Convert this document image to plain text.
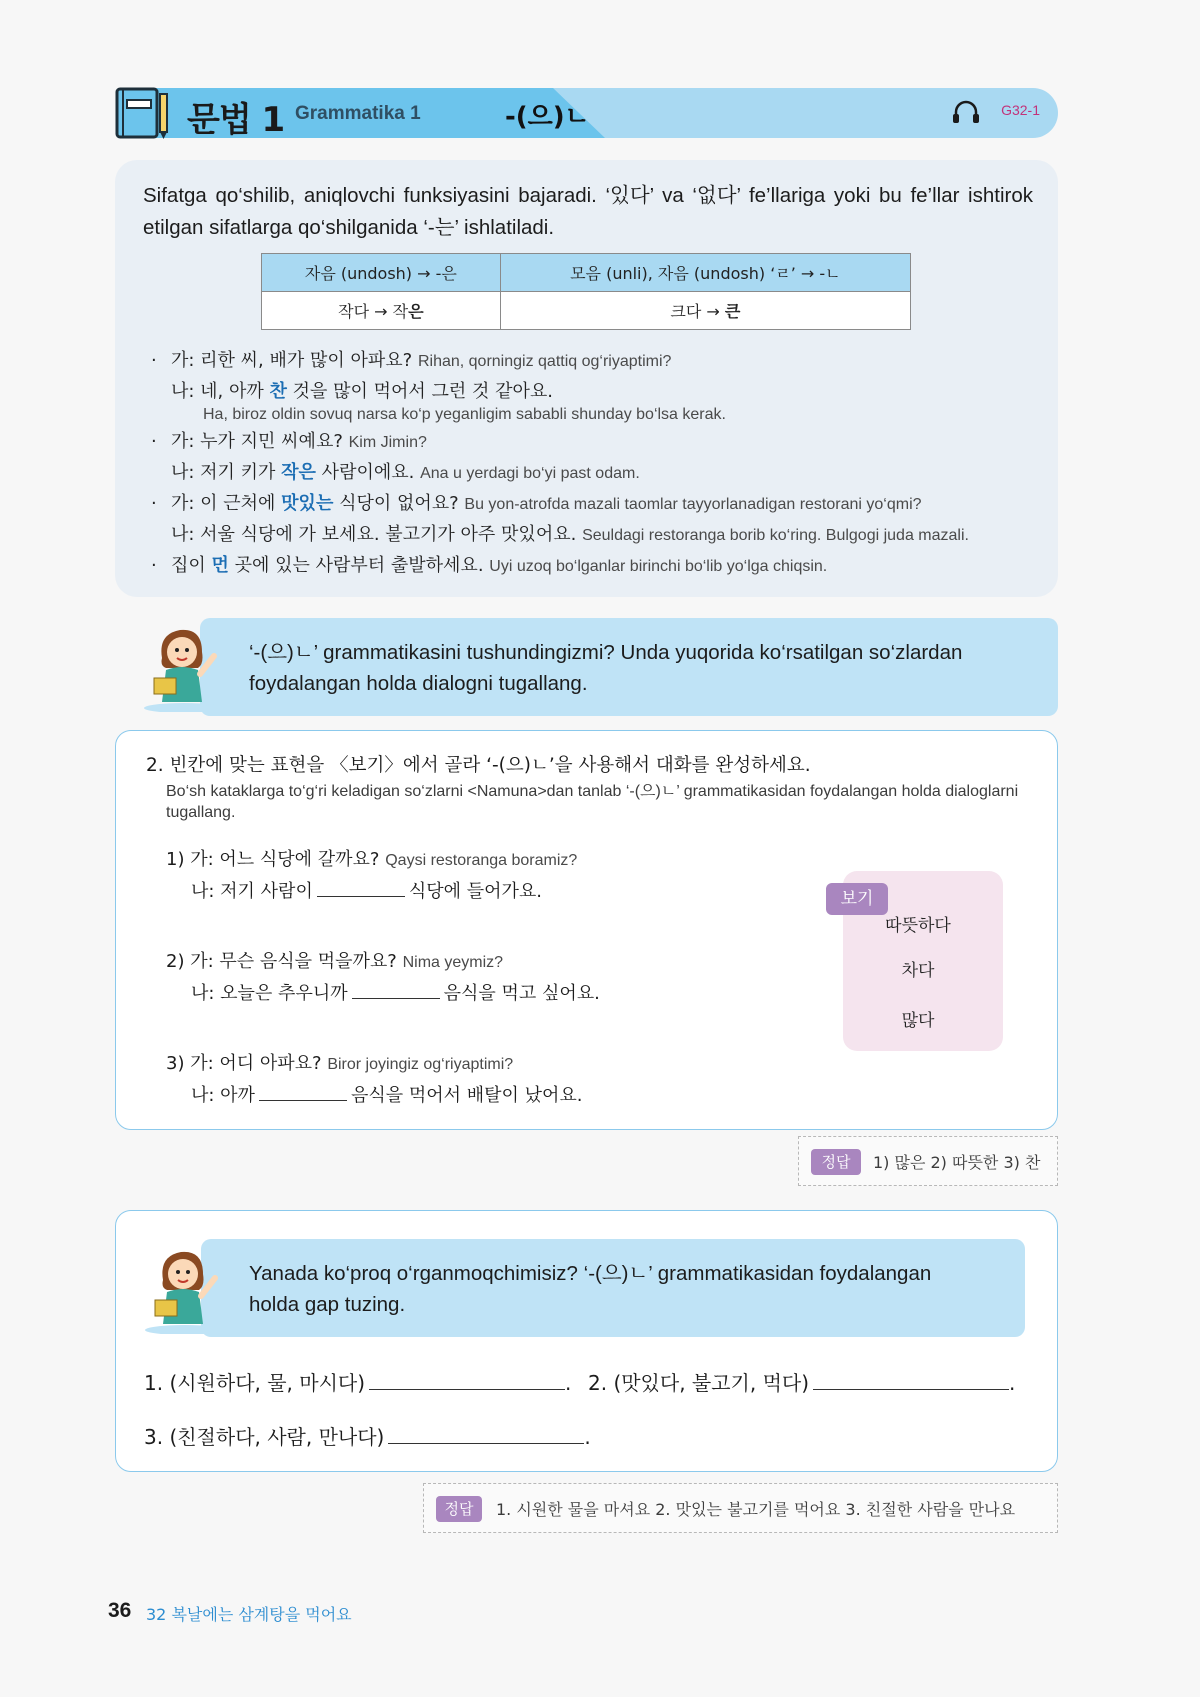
문법 1 Grammatika 1	-(으)ㄴ	G32-1
Sifatga qo‘shilib, aniqlovchi funksiyasini bajaradi. ‘있다’ va ‘없다’ fe’llariga yoki bu fe’llar ishtirok etilgan sifatlarga qo‘shilganida ‘-는’ ishlatiladi.
자음 (undosh) → -은	모음 (unli), 자음 (undosh) ‘ㄹ’ → -ㄴ
작다 → 작은	크다 → 큰
· 가: 리한 씨, 배가 많이 아파요? Rihan, qorningiz qattiq og‘riyaptimi?
나: 네, 아까 찬 것을 많이 먹어서 그런 것 같아요.
Ha, biroz oldin sovuq narsa ko‘p yeganligim sababli shunday bo‘lsa kerak.
· 가: 누가 지민 씨예요? Kim Jimin?
나: 저기 키가 작은 사람이에요. Ana u yerdagi bo‘yi past odam.
· 가: 이 근처에 맛있는 식당이 없어요? Bu yon-atrofda mazali taomlar tayyorlanadigan restorani yo‘qmi?
나: 서울 식당에 가 보세요. 불고기가 아주 맛있어요. Seuldagi restoranga borib ko‘ring. Bulgogi juda mazali.
· 집이 먼 곳에 있는 사람부터 출발하세요. Uyi uzoq bo‘lganlar birinchi bo‘lib yo‘lga chiqsin.
‘-(으)ㄴ’ grammatikasini tushundingizmi? Unda yuqorida ko‘rsatilgan so‘zlardan foydalangan holda dialogni tugallang.
2. 빈칸에 맞는 표현을 〈보기〉에서 골라 ‘-(으)ㄴ’을 사용해서 대화를 완성하세요.
Bo‘sh kataklarga to‘g‘ri keladigan so‘zlarni <Namuna>dan tanlab ‘-(으)ㄴ’ grammatikasidan foydalangan holda dialoglarni tugallang.
1) 가: 어느 식당에 갈까요? Qaysi restoranga boramiz?
나: 저기 사람이	식당에 들어가요.
2) 가: 무슨 음식을 먹을까요? Nima yeymiz?
나: 오늘은 추우니까	음식을 먹고 싶어요.
3) 가: 어디 아파요? Biror joyingiz og‘riyaptimi?
나: 아까	음식을 먹어서 배탈이 났어요.
따뜻하다
차다
많다
보기
정답	1) 많은 2) 따뜻한 3) 찬
Yanada ko‘proq o‘rganmoqchimisiz? ‘-(으)ㄴ’ grammatikasidan foydalangan holda gap tuzing.
1. (시원하다, 물, 마시다)	. 2. (맛있다, 불고기, 먹다)	.
3. (친절하다, 사람, 만나다)	.
정답	1. 시원한 물을 마셔요 2. 맛있는 불고기를 먹어요 3. 친절한 사람을 만나요
36 32 복날에는 삼계탕을 먹어요
